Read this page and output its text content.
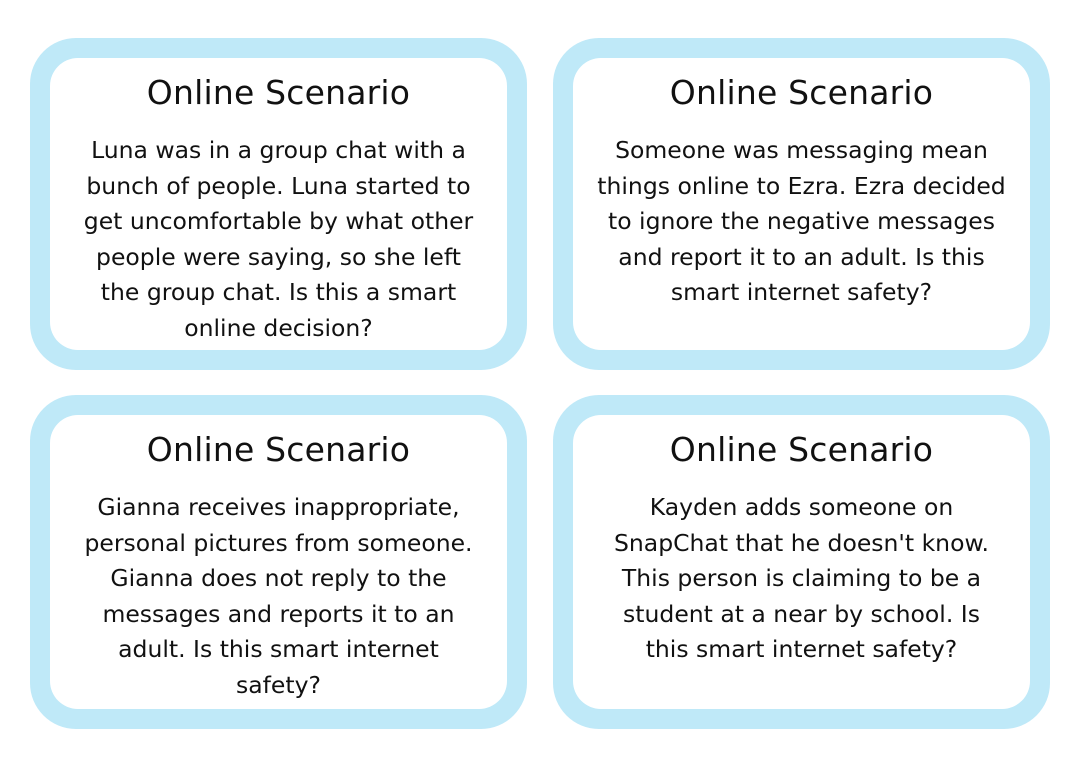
Online Scenario
Luna was in a group chat with a
bunch of people. Luna started to
get uncomfortable by what other
people were saying, so she left
the group chat. Is this a smart
online decision?
Online Scenario
Someone was messaging mean
things online to Ezra. Ezra decided
to ignore the negative messages
and report it to an adult. Is this
smart internet safety?
Online Scenario
Gianna receives inappropriate,
personal pictures from someone.
Gianna does not reply to the
messages and reports it to an
adult. Is this smart internet
safety?
Online Scenario
Kayden adds someone on
SnapChat that he doesn't know.
This person is claiming to be a
student at a near by school. Is
this smart internet safety?
